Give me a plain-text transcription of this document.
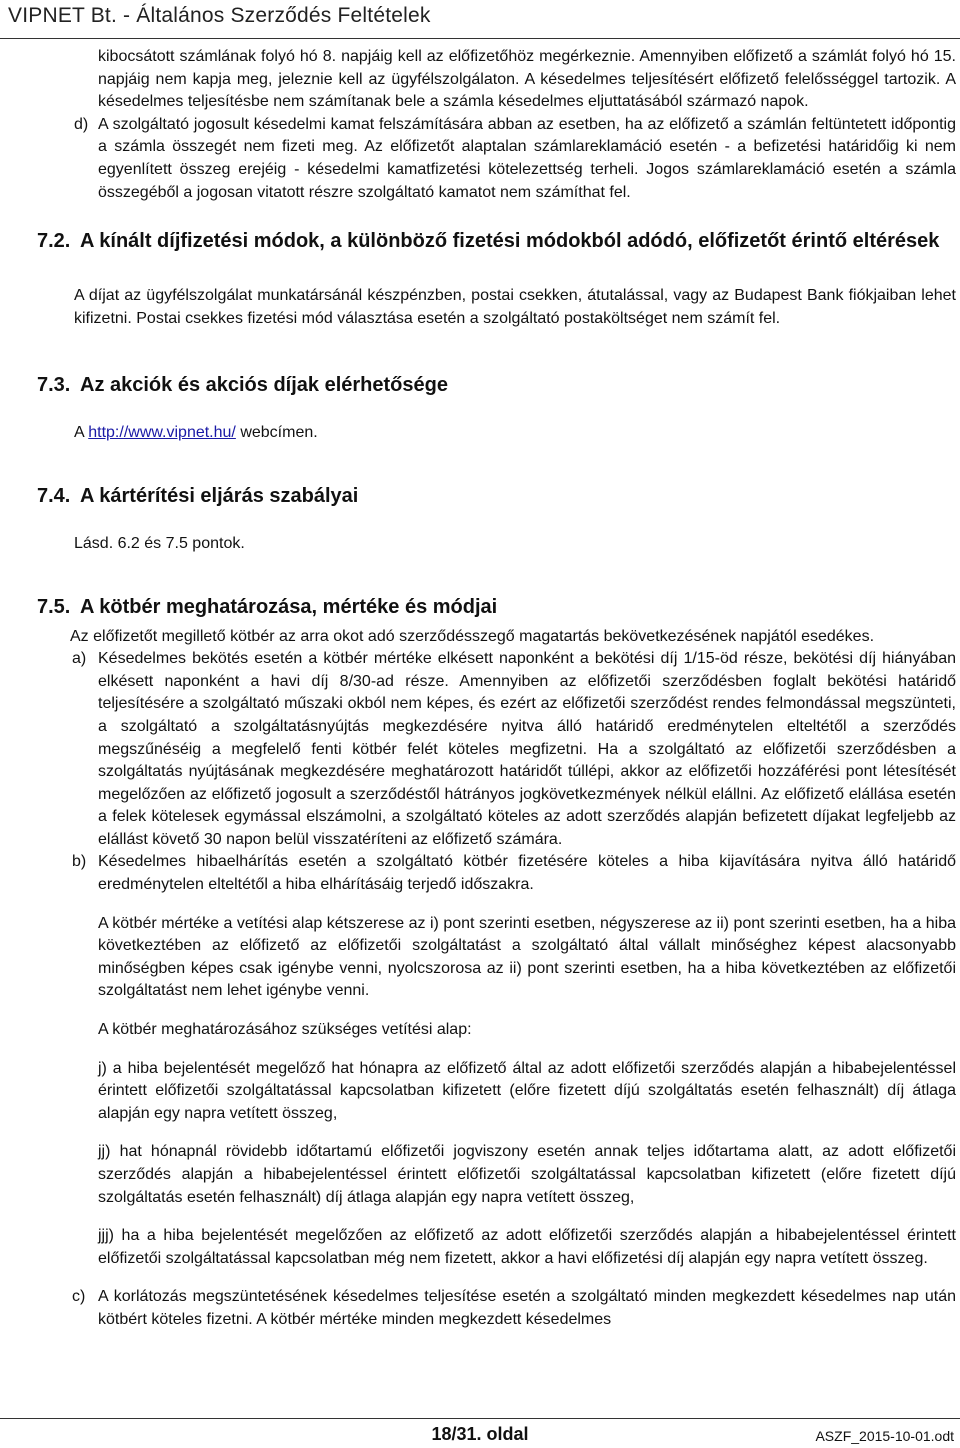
VIPNET Bt. - Általános Szerződés Feltételek

kibocsátott számlának folyó hó 8. napjáig kell az előfizetőhöz megérkeznie. Amennyiben előfizető a számlát folyó hó 15. napjáig nem kapja meg, jeleznie kell az ügyfélszolgálaton. A késedelmes teljesítésért előfizető felelősséggel tartozik. A késedelmes teljesítésbe nem számítanak bele a számla késedelmes eljuttatásából származó napok.

d) A szolgáltató jogosult késedelmi kamat felszámítására abban az esetben, ha az előfizető a számlán feltüntetett időpontig a számla összegét nem fizeti meg. Az előfizetőt alaptalan számlareklamáció esetén - a befizetési határidőig ki nem egyenlített összeg erejéig - késedelmi kamatfizetési kötelezettség terheli. Jogos számlareklamáció esetén a számla összegéből a jogosan vitatott részre szolgáltató kamatot nem számíthat fel.
7.2. A kínált díjfizetési módok, a különböző fizetési módokból adódó, előfizetőt érintő eltérések

A díjat az ügyfélszolgálat munkatársánál készpénzben, postai csekken, átutalással, vagy az Budapest Bank fiókjaiban lehet kifizetni. Postai csekkes fizetési mód választása esetén a szolgáltató postaköltséget nem számít fel.

7.3. Az akciók és akciós díjak elérhetősége

A http://www.vipnet.hu/ webcímen.

7.4. A kártérítési eljárás szabályai

Lásd. 6.2 és 7.5 pontok.

7.5. A kötbér meghatározása, mértéke és módjai

Az előfizetőt megillető kötbér az arra okot adó szerződésszegő magatartás bekövetkezésének napjától esedékes.

a) Késedelmes bekötés esetén a kötbér mértéke elkésett naponként a bekötési díj 1/15-öd része, bekötési díj hiányában elkésett naponként a havi díj 8/30-ad része. Amennyiben az előfizetői szerződésben foglalt bekötési határidő teljesítésére a szolgáltató műszaki okból nem képes, és ezért az előfizetői szerződést rendes felmondással megszünteti, a szolgáltató a szolgáltatásnyújtás megkezdésére nyitva álló határidő eredménytelen elteltétől a szerződés megszűnéséig a megfelelő fenti kötbér felét köteles megfizetni. Ha a szolgáltató az előfizetői szerződésben a szolgáltatás nyújtásának megkezdésére meghatározott határidőt túllépi, akkor az előfizetői hozzáférési pont létesítését megelőzően az előfizető jogosult a szerződéstől hátrányos jogkövetkezmények nélkül elállni. Az előfizető elállása esetén a felek kötelesek egymással elszámolni, a szolgáltató köteles az adott szerződés alapján befizetett díjakat legfeljebb az elállást követő 30 napon belül visszatéríteni az előfizető számára.
b) Késedelmes hibaelhárítás esetén a szolgáltató kötbér fizetésére köteles a hiba kijavítására nyitva álló határidő eredménytelen elteltétől a hiba elhárításáig terjedő időszakra.

A kötbér mértéke a vetítési alap kétszerese az i) pont szerinti esetben, négyszerese az ii) pont szerinti esetben, ha a hiba következtében az előfizető az előfizetői szolgáltatást a szolgáltató által vállalt minőséghez képest alacsonyabb minőségben képes csak igénybe venni, nyolcszorosa az ii) pont szerinti esetben, ha a hiba következtében az előfizetői szolgáltatást nem lehet igénybe venni.

A kötbér meghatározásához szükséges vetítési alap:

j) a hiba bejelentését megelőző hat hónapra az előfizető által az adott előfizetői szerződés alapján a hibabejelentéssel érintett előfizetői szolgáltatással kapcsolatban kifizetett (előre fizetett díjú szolgáltatás esetén felhasznált) díj átlaga alapján egy napra vetített összeg,

jj) hat hónapnál rövidebb időtartamú előfizetői jogviszony esetén annak teljes időtartama alatt, az adott előfizetői szerződés alapján a hibabejelentéssel érintett előfizetői szolgáltatással kapcsolatban kifizetett (előre fizetett díjú szolgáltatás esetén felhasznált) díj átlaga alapján egy napra vetített összeg,

jjj) ha a hiba bejelentését megelőzően az előfizető az adott előfizetői szerződés alapján a hibabejelentéssel érintett előfizetői szolgáltatással kapcsolatban még nem fizetett, akkor a havi előfizetési díj alapján egy napra vetített összeg.

c) A korlátozás megszüntetésének késedelmes teljesítése esetén a szolgáltató minden megkezdett késedelmes nap után kötbért köteles fizetni. A kötbér mértéke minden megkezdett késedelmes
18/31. oldal	ASZF_2015-10-01.odt
